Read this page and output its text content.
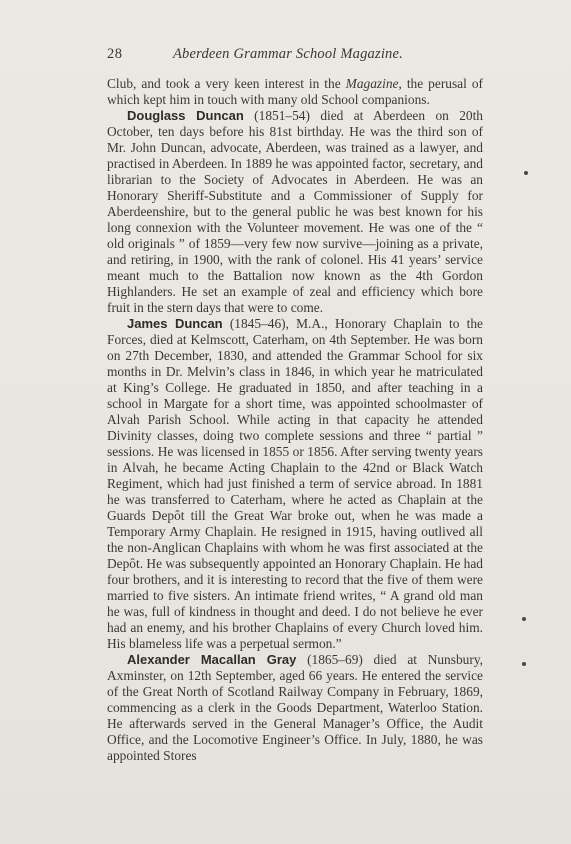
28	Aberdeen Grammar School Magazine.

Club, and took a very keen interest in the Magazine, the perusal of which kept him in touch with many old School companions.

Douglass Duncan (1851–54) died at Aberdeen on 20th October, ten days before his 81st birthday. He was the third son of Mr. John Duncan, advocate, Aberdeen, was trained as a lawyer, and practised in Aberdeen. In 1889 he was appointed factor, secretary, and librarian to the Society of Advocates in Aberdeen. He was an Honorary Sheriff-Substitute and a Commissioner of Supply for Aberdeenshire, but to the general public he was best known for his long connexion with the Volunteer movement. He was one of the “ old originals ” of 1859—very few now survive—joining as a private, and retiring, in 1900, with the rank of colonel. His 41 years’ service meant much to the Battalion now known as the 4th Gordon Highlanders. He set an example of zeal and efficiency which bore fruit in the stern days that were to come.

James Duncan (1845–46), M.A., Honorary Chaplain to the Forces, died at Kelmscott, Caterham, on 4th September. He was born on 27th December, 1830, and attended the Grammar School for six months in Dr. Melvin’s class in 1846, in which year he matriculated at King’s College. He graduated in 1850, and after teaching in a school in Margate for a short time, was appointed schoolmaster of Alvah Parish School. While acting in that capacity he attended Divinity classes, doing two complete sessions and three “ partial ” sessions. He was licensed in 1855 or 1856. After serving twenty years in Alvah, he became Acting Chaplain to the 42nd or Black Watch Regiment, which had just finished a term of service abroad. In 1881 he was transferred to Caterham, where he acted as Chaplain at the Guards Depôt till the Great War broke out, when he was made a Temporary Army Chaplain. He resigned in 1915, having outlived all the non-Anglican Chaplains with whom he was first associated at the Depôt. He was subsequently appointed an Honorary Chaplain. He had four brothers, and it is interesting to record that the five of them were married to five sisters. An intimate friend writes, “ A grand old man he was, full of kindness in thought and deed. I do not believe he ever had an enemy, and his brother Chaplains of every Church loved him. His blameless life was a perpetual sermon.”

Alexander Macallan Gray (1865–69) died at Nunsbury, Axminster, on 12th September, aged 66 years. He entered the service of the Great North of Scotland Railway Company in February, 1869, commencing as a clerk in the Goods Department, Waterloo Station. He afterwards served in the General Manager’s Office, the Audit Office, and the Locomotive Engineer’s Office. In July, 1880, he was appointed Stores
